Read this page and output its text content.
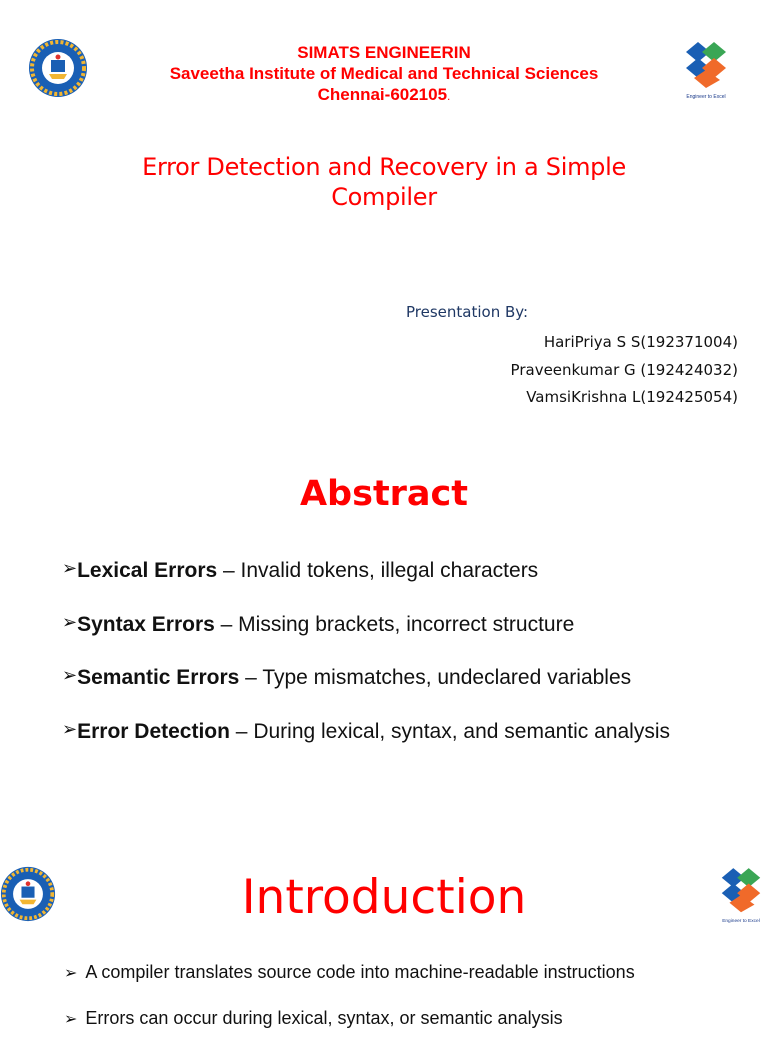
Engineer to Excel
SIMATS ENGINEERIN
Saveetha Institute of Medical and Technical Sciences
Chennai-602105.
Error Detection and Recovery in a Simple
Compiler
Presentation By:
HariPriya S S(192371004)
Praveenkumar G (192424032)
VamsiKrishna L(192425054)
Abstract
➢Lexical Errors – Invalid tokens, illegal characters
➢Syntax Errors – Missing brackets, incorrect structure
➢Semantic Errors – Type mismatches, undeclared variables
➢Error Detection – During lexical, syntax, and semantic analysis
Engineer to Excel
Introduction
➢ A compiler translates source code into machine-readable instructions
➢ Errors can occur during lexical, syntax, or semantic analysis
